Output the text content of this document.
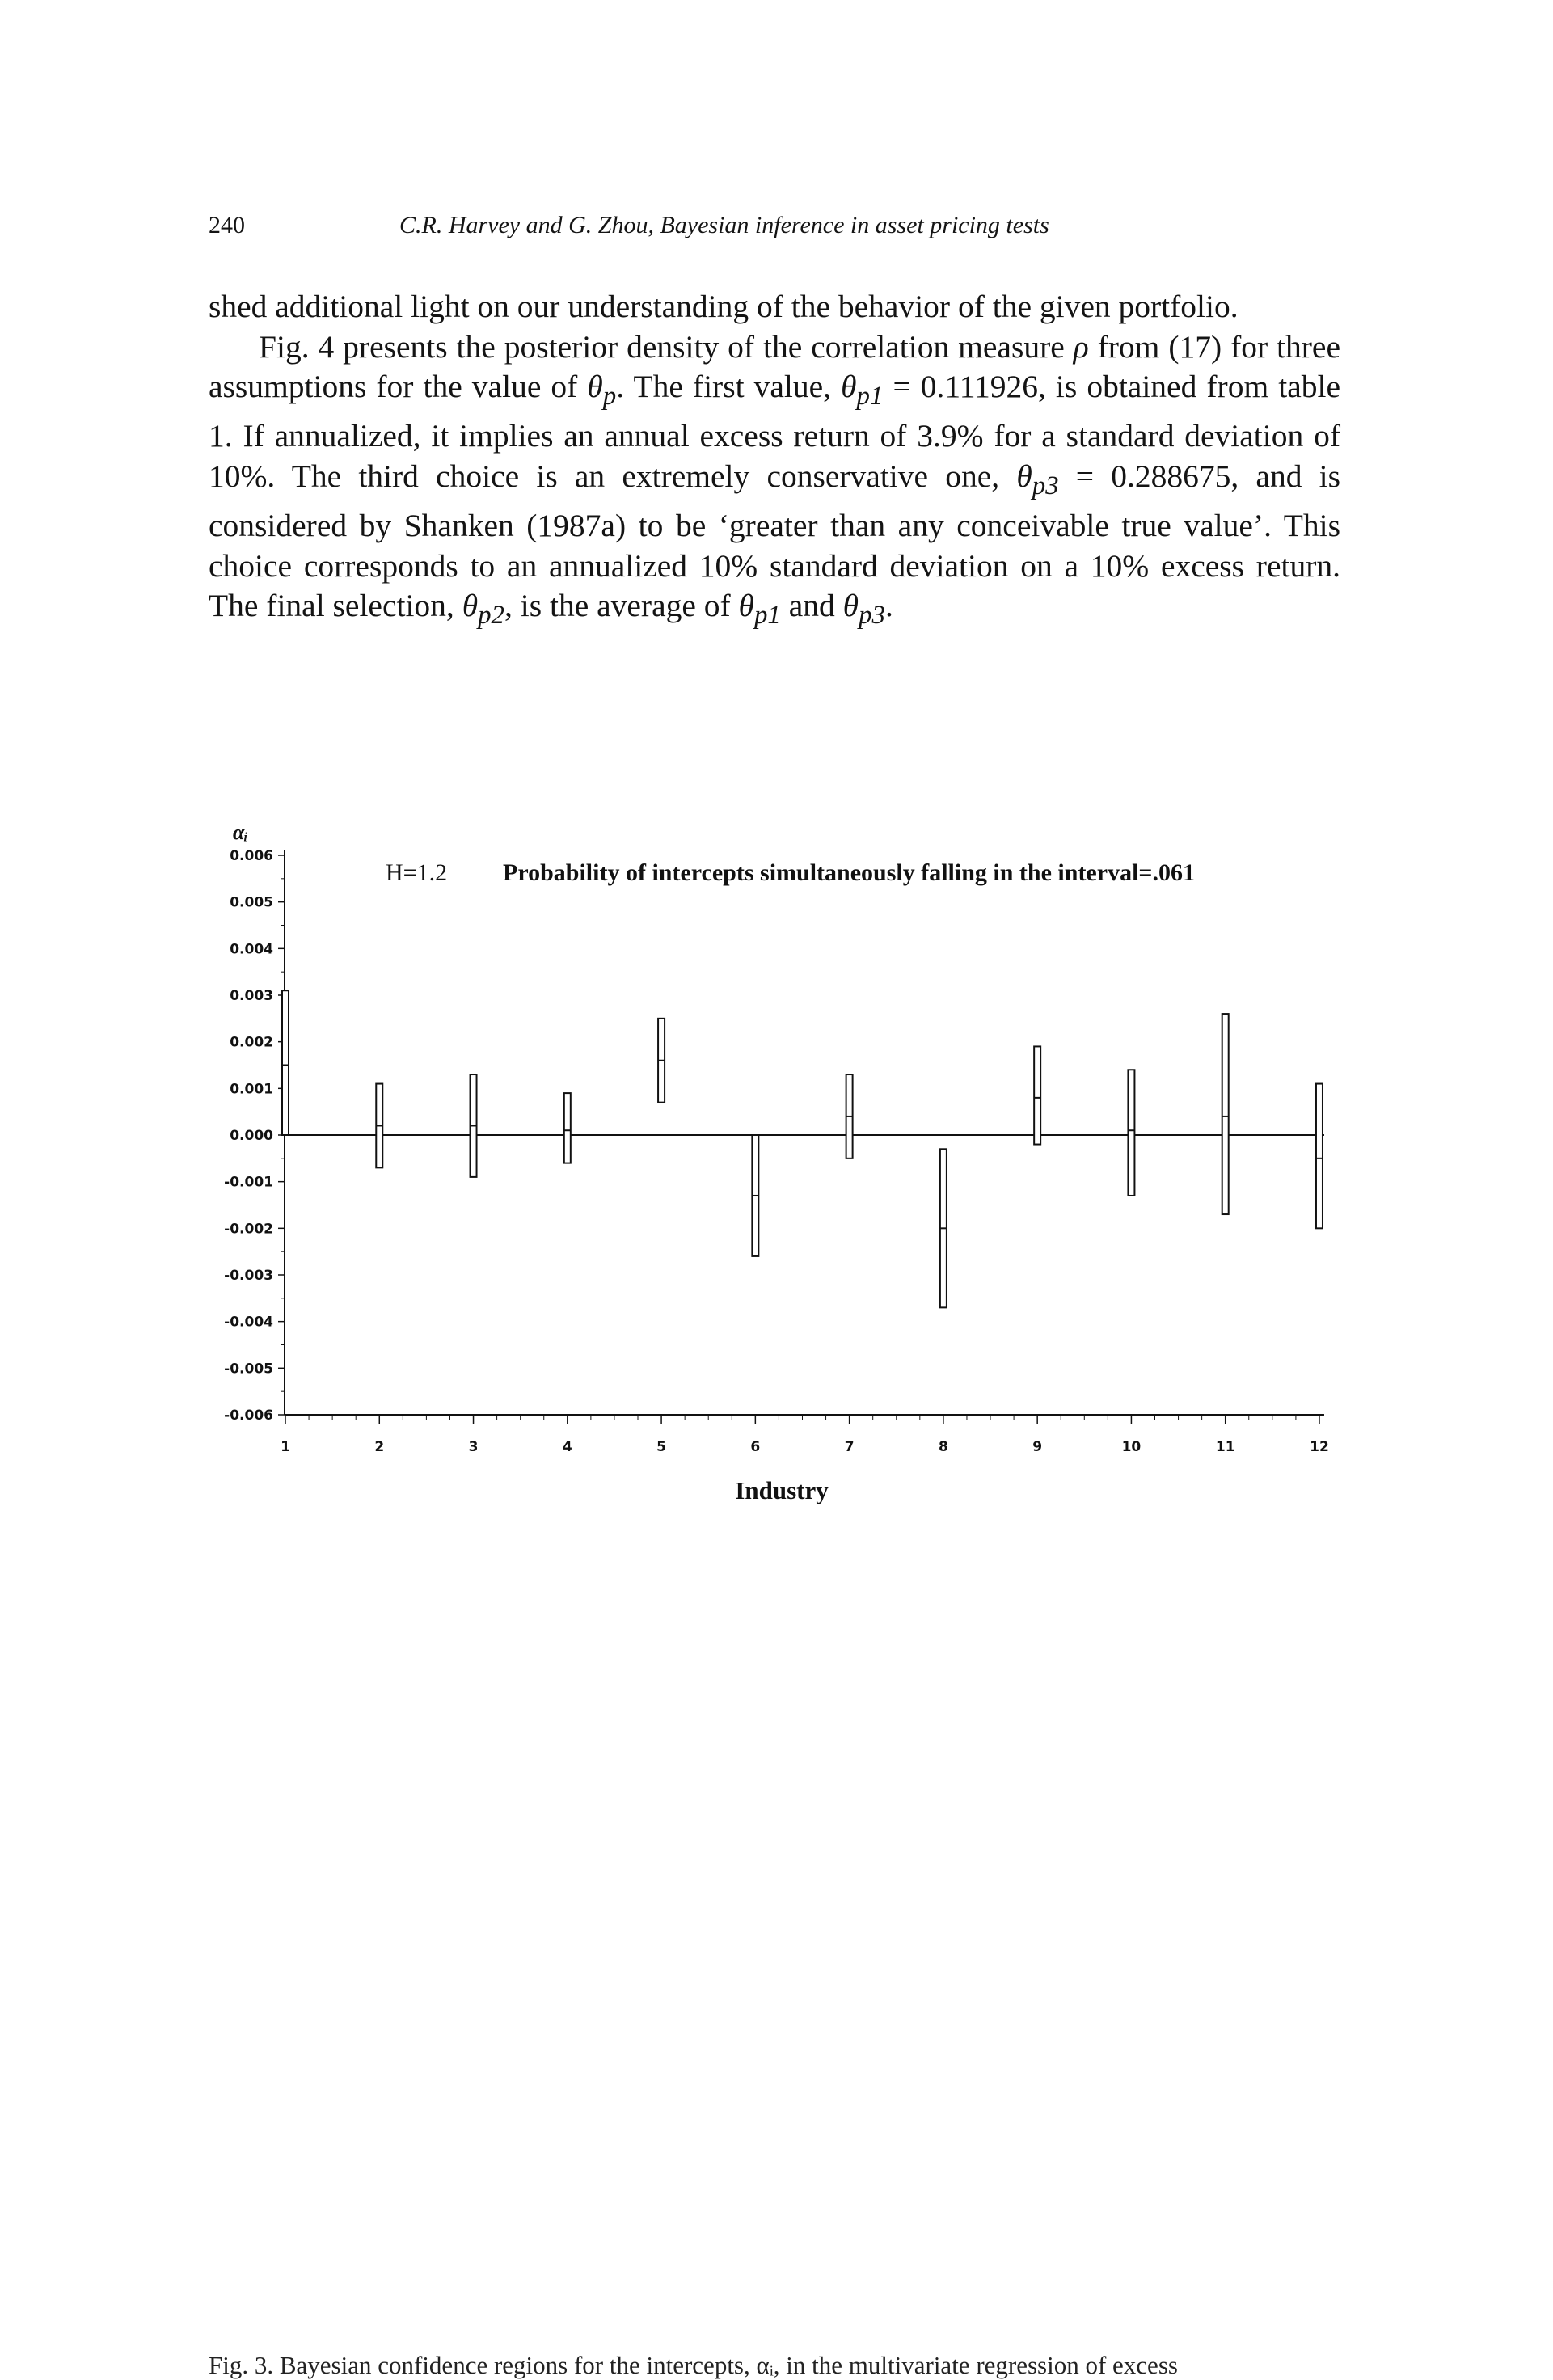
240	C.R. Harvey and G. Zhou, Bayesian inference in asset pricing tests

shed additional light on our understanding of the behavior of the given portfolio.

Fig. 4 presents the posterior density of the correlation measure ρ from (17) for three assumptions for the value of $\theta_p$. The first value, $\theta_{p1} = 0.111926$, is obtained from table 1. If annualized, it implies an annual excess return of 3.9% for a standard deviation of 10%. The third choice is an extremely conservative one, $\theta_{p3} = 0.288675$, and is considered by Shanken (1987a) to be ‘greater than any conceivable true value’. This choice corresponds to an annualized 10% standard deviation on a 10% excess return. The final selection, $\theta_{p2}$, is the average of $\theta_{p1}$ and $\theta_{p3}$.

0.006
0.005
0.004
0.003
0.002
0.001
0.000
-0.001
-0.002
-0.003
-0.004
-0.005
-0.006
1	2	3	4	5	6	7	8	9	10	11	12
αᵢ
H=1.2 Probability of intercepts simultaneously falling in the interval=.061
Industry
Fig. 3. Bayesian confidence regions for the intercepts, αᵢ, in the multivariate regression of excess
